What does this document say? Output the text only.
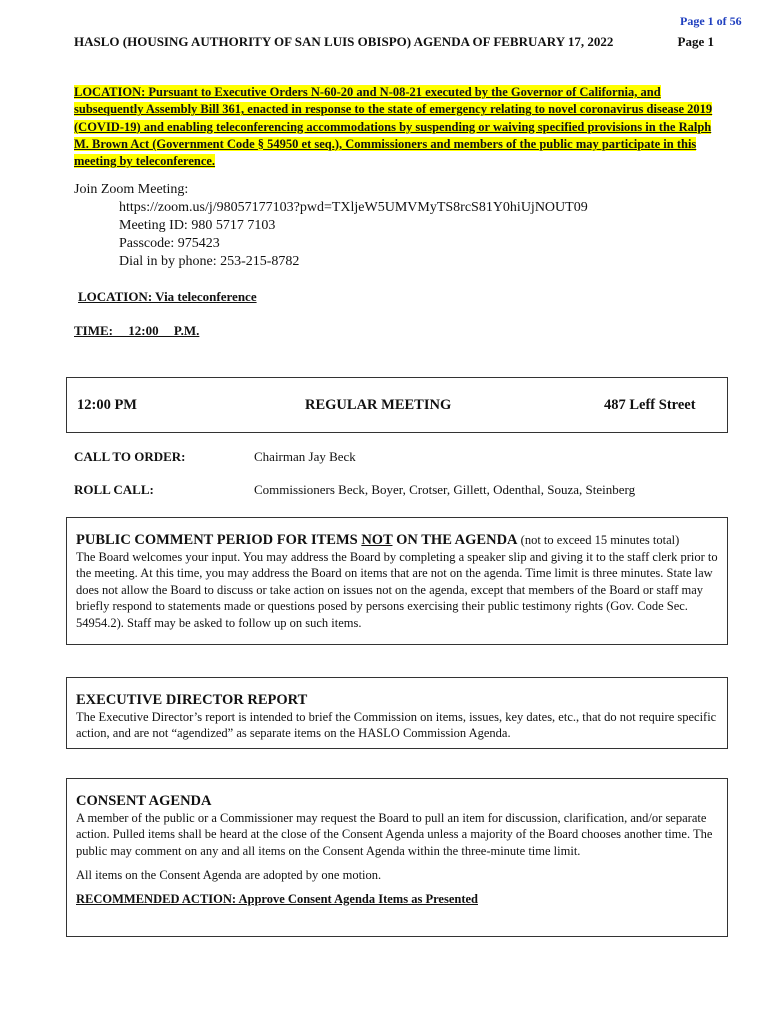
Page 1 of 56
HASLO (HOUSING AUTHORITY OF SAN LUIS OBISPO) AGENDA OF FEBRUARY 17, 2022	Page 1
LOCATION: Pursuant to Executive Orders N-60-20 and N-08-21 executed by the Governor of California, and subsequently Assembly Bill 361, enacted in response to the state of emergency relating to novel coronavirus disease 2019 (COVID-19) and enabling teleconferencing accommodations by suspending or waiving specified provisions in the Ralph M. Brown Act (Government Code § 54950 et seq.), Commissioners and members of the public may participate in this meeting by teleconference.
Join Zoom Meeting:
https://zoom.us/j/98057177103?pwd=TXljeW5UMVMyTS8rcS81Y0hiUjNOUT09
Meeting ID: 980 5717 7103
Passcode: 975423
Dial in by phone: 253-215-8782
LOCATION: Via teleconference
TIME: 12:00 P.M.
12:00 PM	REGULAR MEETING	487 Leff Street
CALL TO ORDER:	Chairman Jay Beck
ROLL CALL:	Commissioners Beck, Boyer, Crotser, Gillett, Odenthal, Souza, Steinberg
PUBLIC COMMENT PERIOD FOR ITEMS NOT ON THE AGENDA (not to exceed 15 minutes total)

The Board welcomes your input. You may address the Board by completing a speaker slip and giving it to the staff clerk prior to the meeting. At this time, you may address the Board on items that are not on the agenda. Time limit is three minutes. State law does not allow the Board to discuss or take action on issues not on the agenda, except that members of the Board or staff may briefly respond to statements made or questions posed by persons exercising their public testimony rights (Gov. Code Sec. 54954.2). Staff may be asked to follow up on such items.

EXECUTIVE DIRECTOR REPORT

The Executive Director’s report is intended to brief the Commission on items, issues, key dates, etc., that do not require specific action, and are not “agendized” as separate items on the HASLO Commission Agenda.

CONSENT AGENDA

A member of the public or a Commissioner may request the Board to pull an item for discussion, clarification, and/or separate action. Pulled items shall be heard at the close of the Consent Agenda unless a majority of the Board chooses another time. The public may comment on any and all items on the Consent Agenda within the three-minute time limit.

All items on the Consent Agenda are adopted by one motion.

RECOMMENDED ACTION: Approve Consent Agenda Items as Presented
